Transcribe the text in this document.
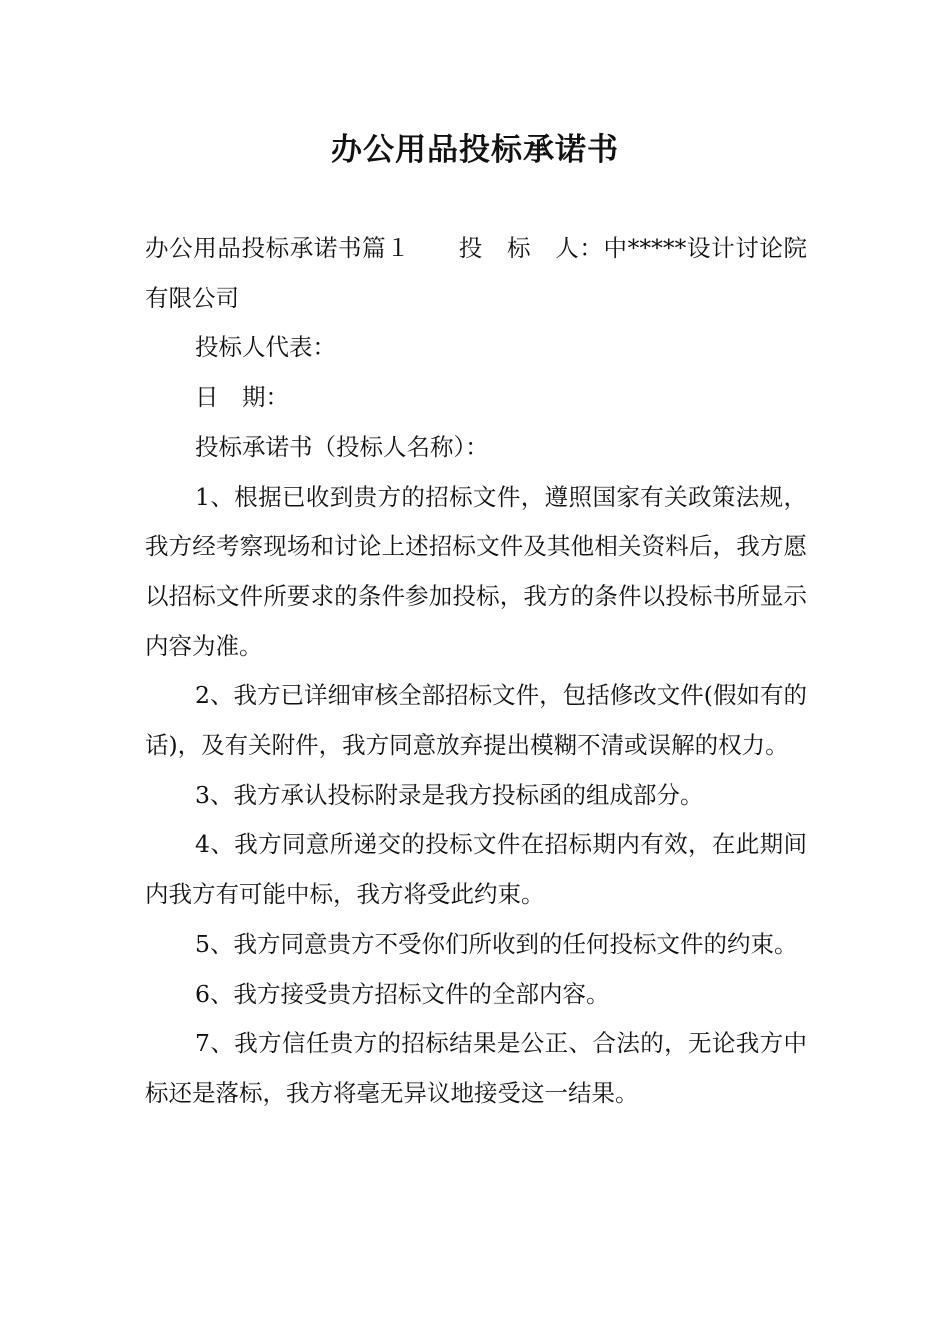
办公用品投标承诺书

办公用品投标承诺书篇１　　投　标　人：中*****设计讨论院有限公司

投标人代表：

日　期：

投标承诺书（投标人名称）：

1、根据已收到贵方的招标文件，遵照国家有关政策法规，我方经考察现场和讨论上述招标文件及其他相关资料后，我方愿以招标文件所要求的条件参加投标，我方的条件以投标书所显示内容为准。

2、我方已详细审核全部招标文件，包括修改文件(假如有的话)，及有关附件，我方同意放弃提出模糊不清或误解的权力。

3、我方承认投标附录是我方投标函的组成部分。

4、我方同意所递交的投标文件在招标期内有效，在此期间内我方有可能中标，我方将受此约束。

5、我方同意贵方不受你们所收到的任何投标文件的约束。

6、我方接受贵方招标文件的全部内容。

7、我方信任贵方的招标结果是公正、合法的，无论我方中标还是落标，我方将毫无异议地接受这一结果。
